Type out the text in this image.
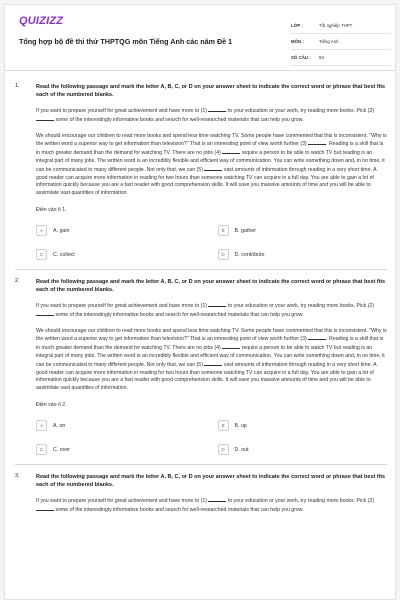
QUIZIZZ
Tổng hợp bộ đề thi thử THPTQG môn Tiếng Anh các năm Đề 1
LỚP :	Tốt nghiệp THPT
MÔN :	Tiếng Anh
SỐ CÂU :	50
1.	Read the following passage and mark the letter A, B, C, or D on your answer sheet to indicate the correct word or phrase that best fits each of the numbered blanks.
If you want to prepare yourself for great achievement and have more to (1)	to your education or your work, try reading more books. Pick (2)  some of the interestingly informative books and search for well-researched materials that can help you grow.
We should encourage our children to read more books and spend less time watching TV. Some people have commented that this is inconsistent. "Why is the written word a superior way to get information than television?" That is an interesting point of view worth further (3)	. Reading is a skill that is in much greater demand than the demand for watching TV. There are no jobs (4)	require a person to be able to watch TV but reading is an integral part of many jobs. The written word is an incredibly flexible and efficient way of communication. You can write something down and, in no time, it can be communicated to many different people. Not only that, we can (5)	vast amounts of information through reading in a very short time. A good reader can acquire more information in reading for two hours than someone watching TV can acquire in a full day. You are able to gain a lot of information quickly because you are a fast reader with good comprehension skills. It will save you massive amounts of time and you will be able to assimilate vast quantities of information.
Điền vào ô 1.
A	A. gain	B	B. gather
C	C. collect	D	D. contribute
2.	Read the following passage and mark the letter A, B, C, or D on your answer sheet to indicate the correct word or phrase that best fits each of the numbered blanks.
If you want to prepare yourself for great achievement and have more to (1)	to your education or your work, try reading more books. Pick (2)  some of the interestingly informative books and search for well-researched materials that can help you grow.
We should encourage our children to read more books and spend less time watching TV. Some people have commented that this is inconsistent. "Why is the written word a superior way to get information than television?" That is an interesting point of view worth further (3)	. Reading is a skill that is in much greater demand than the demand for watching TV. There are no jobs (4)	require a person to be able to watch TV but reading is an integral part of many jobs. The written word is an incredibly flexible and efficient way of communication. You can write something down and, in no time, it can be communicated to many different people. Not only that, we can (5)	vast amounts of information through reading in a very short time. A good reader can acquire more information in reading for two hours than someone watching TV can acquire in a full day. You are able to gain a lot of information quickly because you are a fast reader with good comprehension skills. It will save you massive amounts of time and you will be able to assimilate vast quantities of information.
Điền vào ô 2.
A	A. on	B	B. up
C	C. over	D	D. out
3.	Read the following passage and mark the letter A, B, C, or D on your answer sheet to indicate the correct word or phrase that best fits each of the numbered blanks.
If you want to prepare yourself for great achievement and have more to (1)	to your education or your work, try reading more books. Pick (2)  some of the interestingly informative books and search for well-researched materials that can help you grow.
